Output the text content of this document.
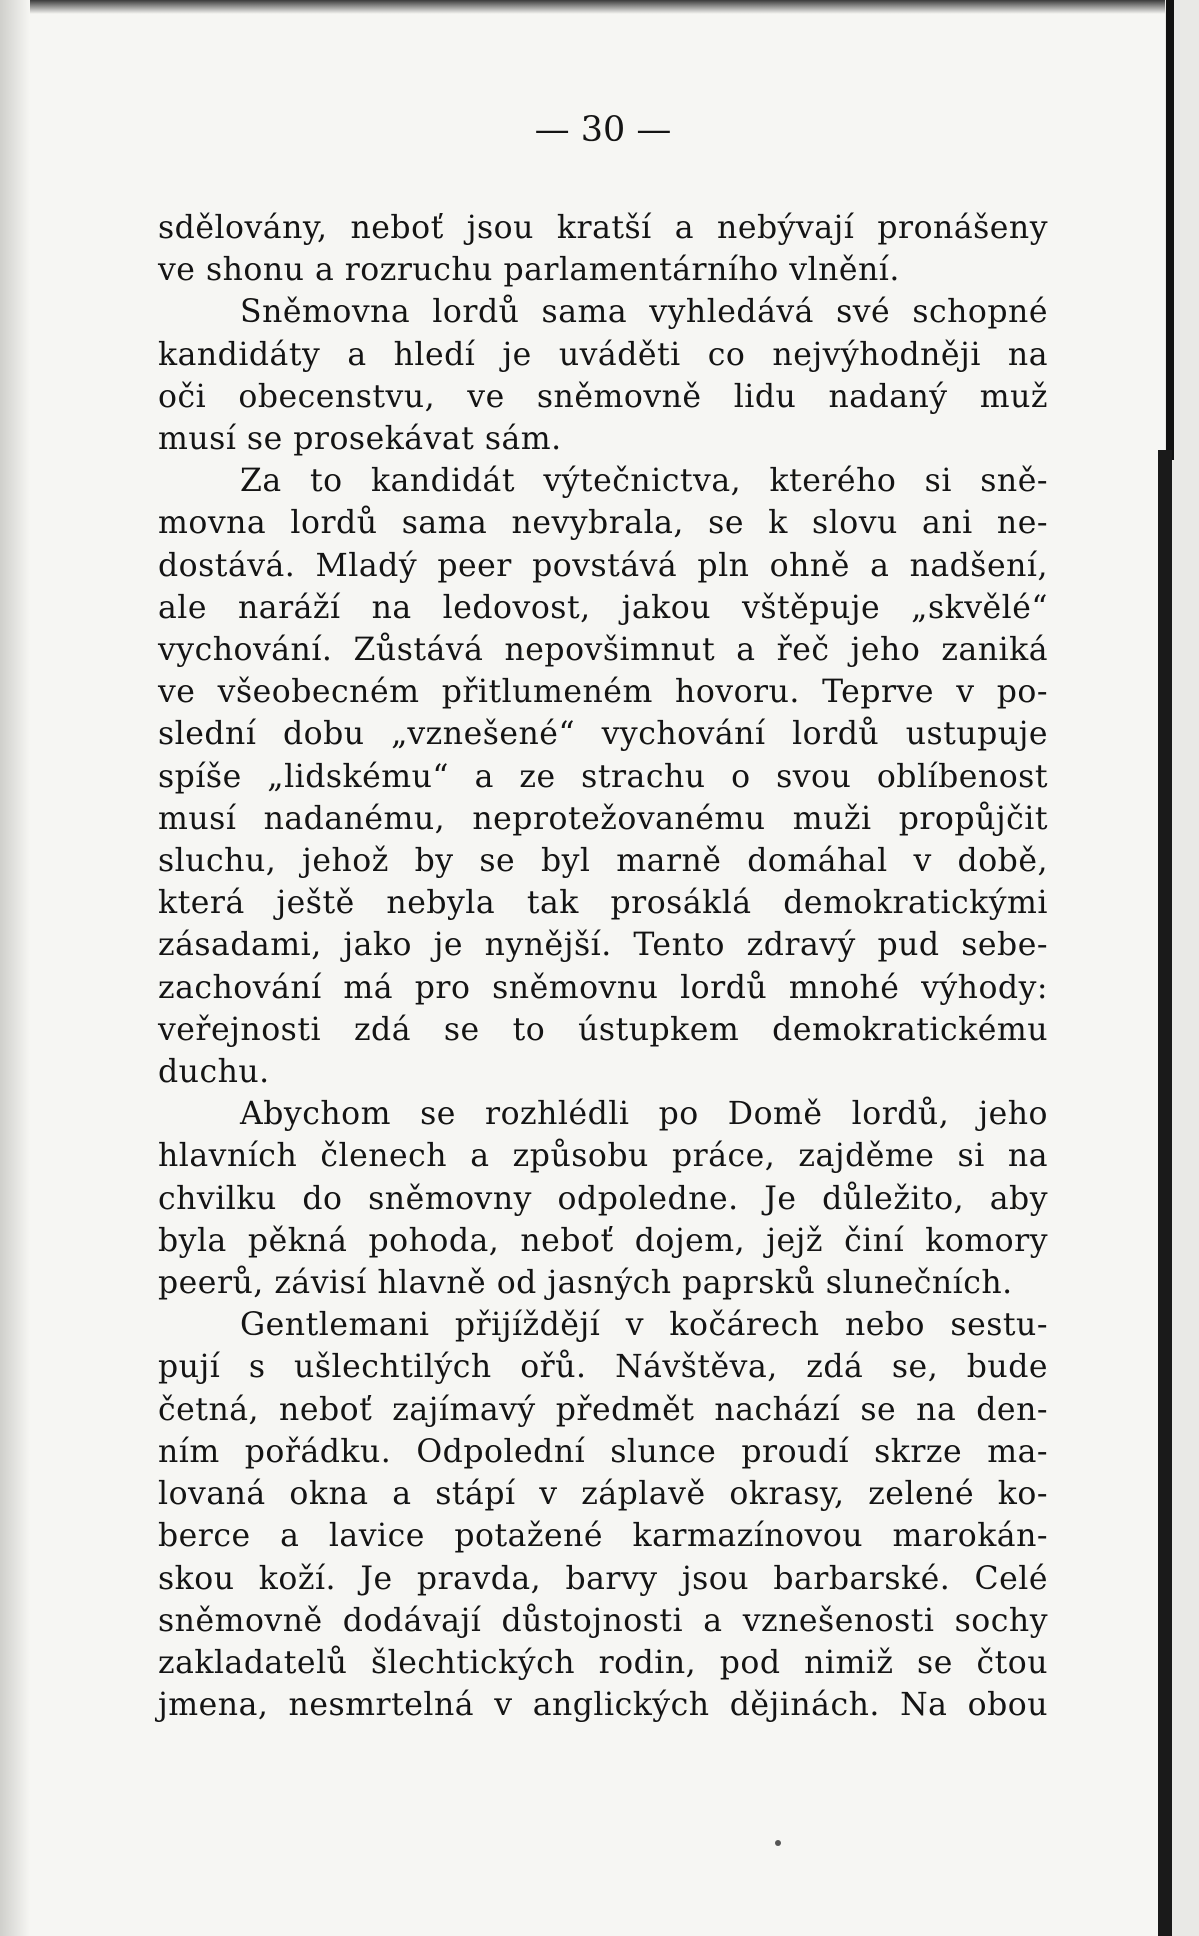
— 30 —

sdělovány, neboť jsou kratší a nebývají pronášeny
ve shonu a rozruchu parlamentárního vlnění.

Sněmovna lordů sama vyhledává své schopné
kandidáty a hledí je uváděti co nejvýhodněji na
oči obecenstvu, ve sněmovně lidu nadaný muž
musí se prosekávat sám.

Za to kandidát výtečnictva, kterého si sně-
movna lordů sama nevybrala, se k slovu ani ne-
dostává. Mladý peer povstává pln ohně a nadšení,
ale naráží na ledovost, jakou vštěpuje „skvělé“
vychování. Zůstává nepovšimnut a řeč jeho zaniká
ve všeobecném přitlumeném hovoru. Teprve v po-
slední dobu „vznešené“ vychování lordů ustupuje
spíše „lidskému“ a ze strachu o svou oblíbenost
musí nadanému, neprotežovanému muži propůjčit
sluchu, jehož by se byl marně domáhal v době,
která ještě nebyla tak prosáklá demokratickými
zásadami, jako je nynější. Tento zdravý pud sebe-
zachování má pro sněmovnu lordů mnohé výhody:
veřejnosti zdá se to ústupkem demokratickému
duchu.

Abychom se rozhlédli po Domě lordů, jeho
hlavních členech a způsobu práce, zajděme si na
chvilku do sněmovny odpoledne. Je důležito, aby
byla pěkná pohoda, neboť dojem, jejž činí komory
peerů, závisí hlavně od jasných paprsků slunečních.

Gentlemani přijíždějí v kočárech nebo sestu-
pují s ušlechtilých ořů. Návštěva, zdá se, bude
četná, neboť zajímavý předmět nachází se na den-
ním pořádku. Odpolední slunce proudí skrze ma-
lovaná okna a stápí v záplavě okrasy, zelené ko-
berce a lavice potažené karmazínovou marokán-
skou koží. Je pravda, barvy jsou barbarské. Celé
sněmovně dodávají důstojnosti a vznešenosti sochy
zakladatelů šlechtických rodin, pod nimiž se čtou
jmena, nesmrtelná v anglických dějinách. Na obou
